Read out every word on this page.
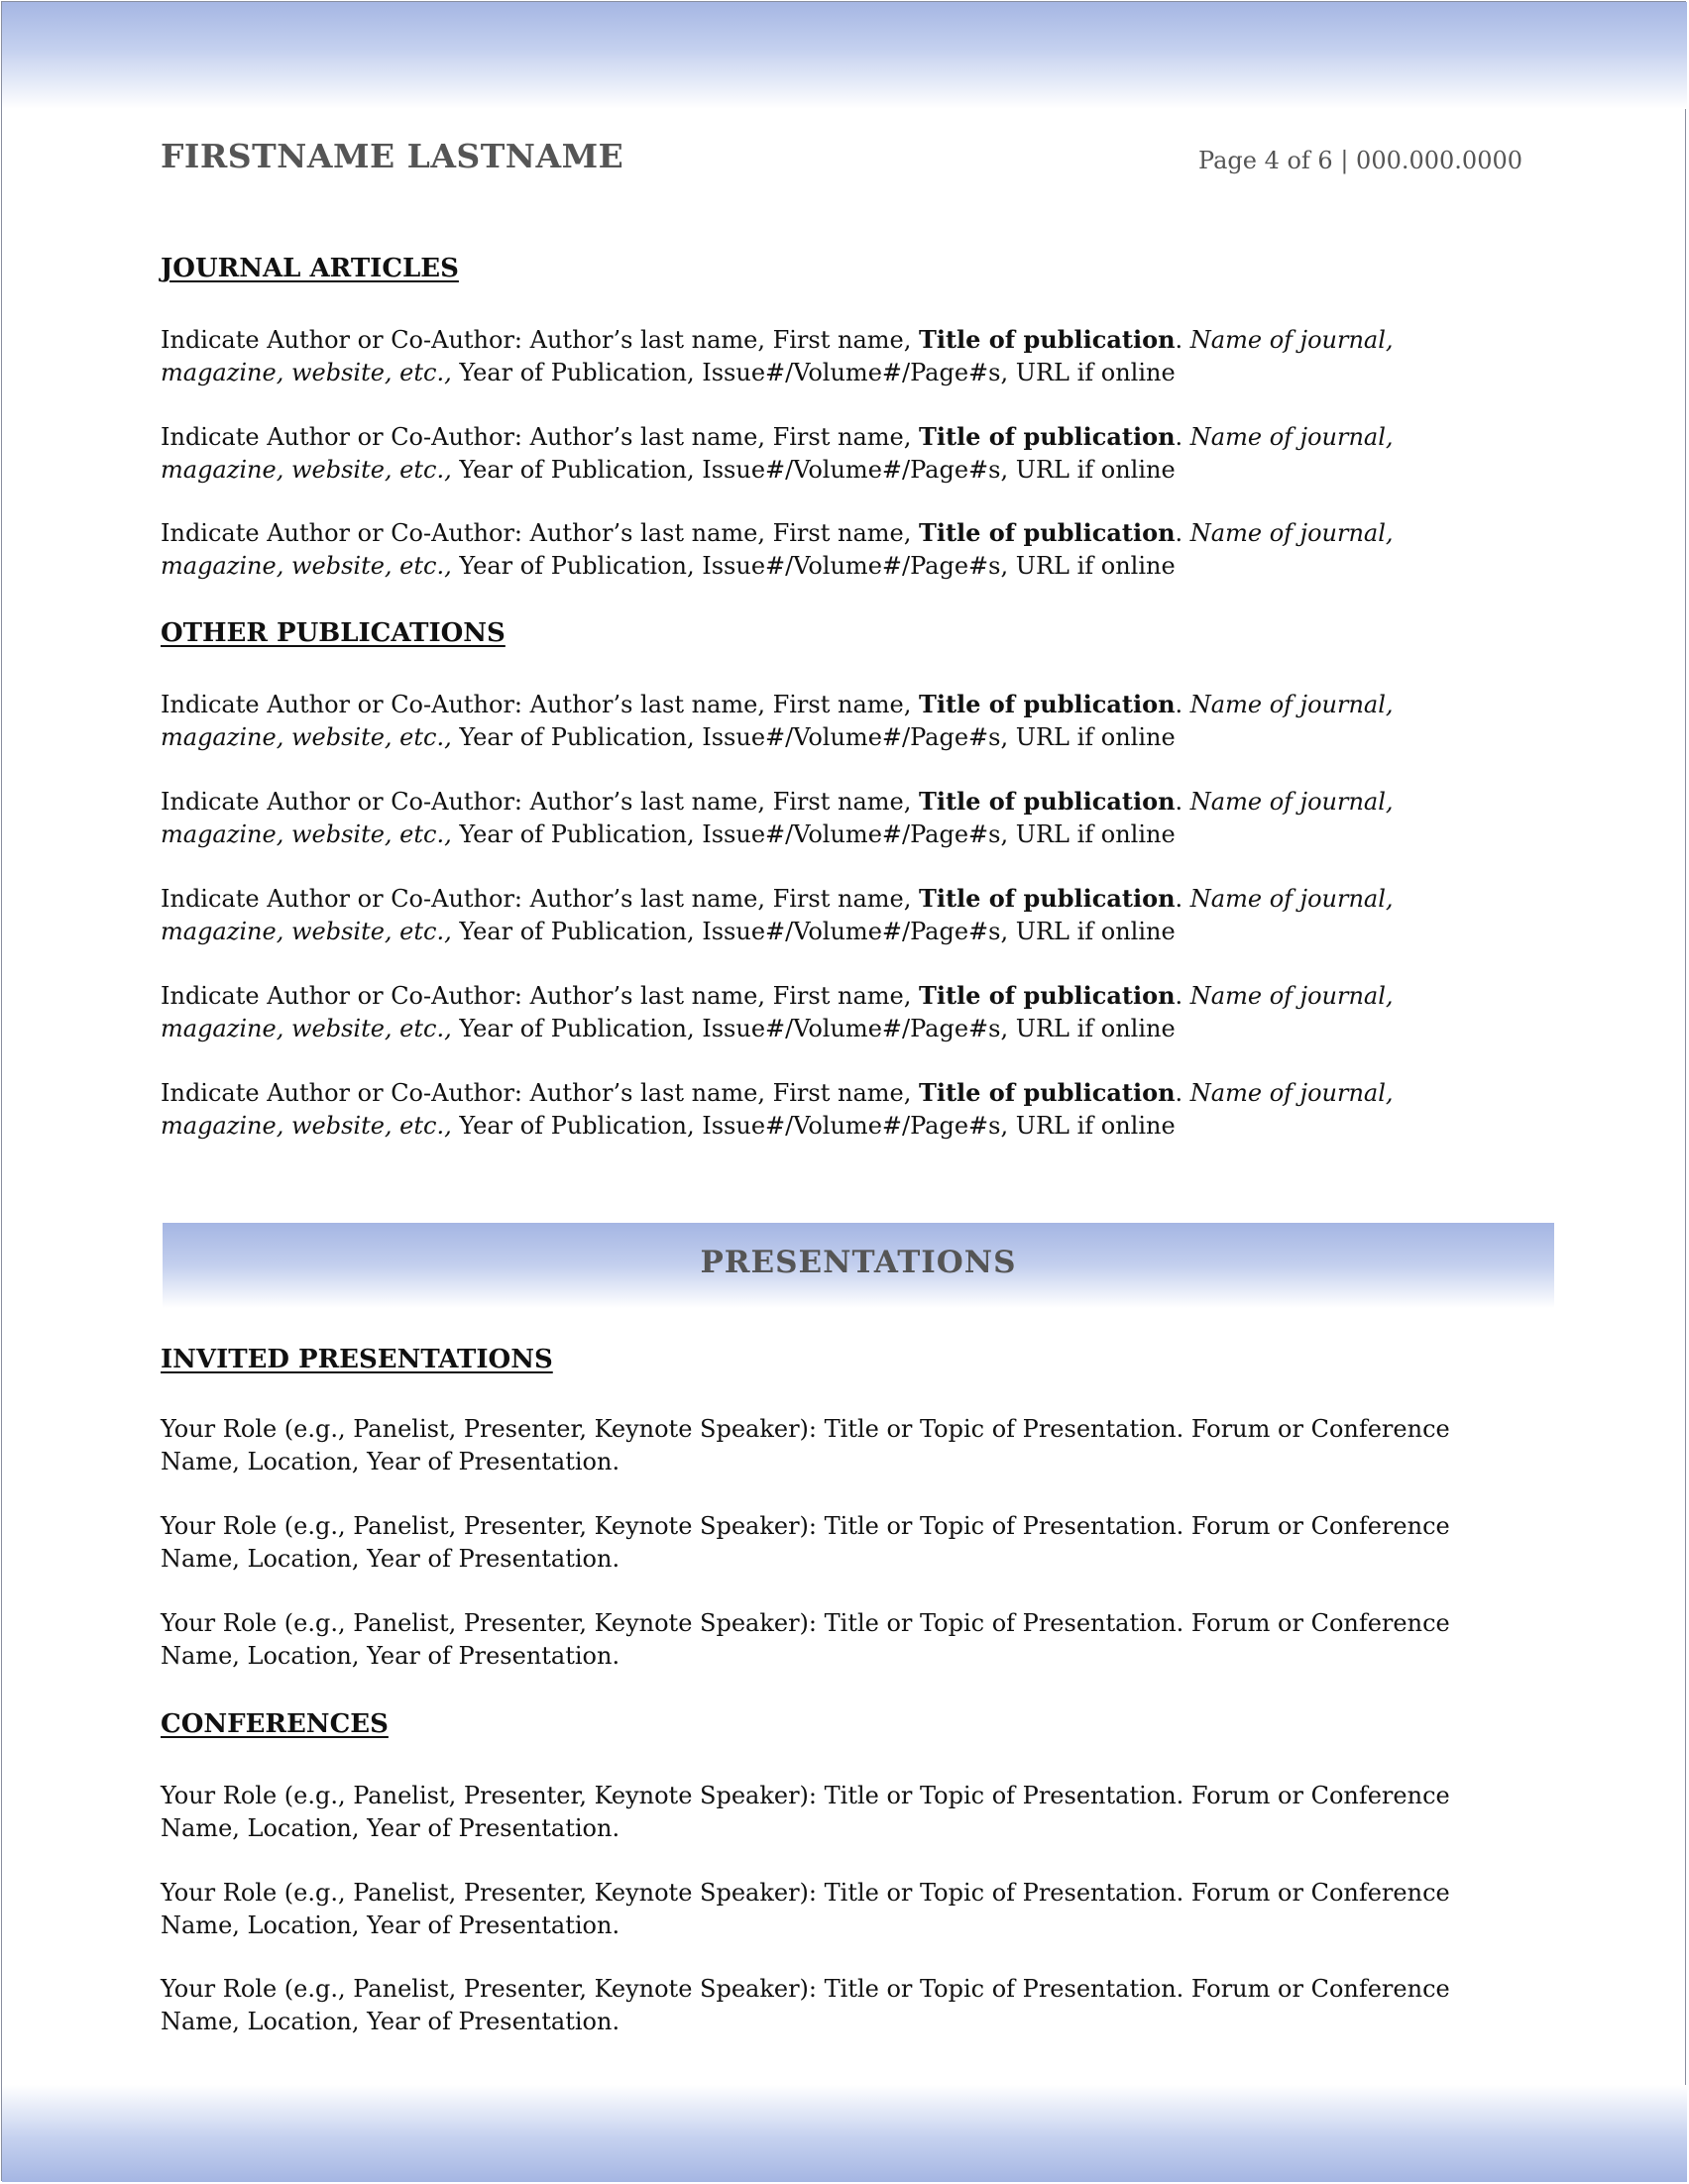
FIRSTNAME LASTNAME	Page 4 of 6 | 000.000.0000
JOURNAL ARTICLES
Indicate Author or Co-Author: Author’s last name, First name, Title of publication. Name of journal, magazine, website, etc., Year of Publication, Issue#/Volume#/Page#s, URL if online
Indicate Author or Co-Author: Author’s last name, First name, Title of publication. Name of journal, magazine, website, etc., Year of Publication, Issue#/Volume#/Page#s, URL if online
Indicate Author or Co-Author: Author’s last name, First name, Title of publication. Name of journal, magazine, website, etc., Year of Publication, Issue#/Volume#/Page#s, URL if online
OTHER PUBLICATIONS
Indicate Author or Co-Author: Author’s last name, First name, Title of publication. Name of journal, magazine, website, etc., Year of Publication, Issue#/Volume#/Page#s, URL if online
Indicate Author or Co-Author: Author’s last name, First name, Title of publication. Name of journal, magazine, website, etc., Year of Publication, Issue#/Volume#/Page#s, URL if online
Indicate Author or Co-Author: Author’s last name, First name, Title of publication. Name of journal, magazine, website, etc., Year of Publication, Issue#/Volume#/Page#s, URL if online
Indicate Author or Co-Author: Author’s last name, First name, Title of publication. Name of journal, magazine, website, etc., Year of Publication, Issue#/Volume#/Page#s, URL if online
Indicate Author or Co-Author: Author’s last name, First name, Title of publication. Name of journal, magazine, website, etc., Year of Publication, Issue#/Volume#/Page#s, URL if online
INVITED PRESENTATIONS
Your Role (e.g., Panelist, Presenter, Keynote Speaker): Title or Topic of Presentation. Forum or Conference Name, Location, Year of Presentation.
Your Role (e.g., Panelist, Presenter, Keynote Speaker): Title or Topic of Presentation. Forum or Conference Name, Location, Year of Presentation.
Your Role (e.g., Panelist, Presenter, Keynote Speaker): Title or Topic of Presentation. Forum or Conference Name, Location, Year of Presentation.
CONFERENCES
Your Role (e.g., Panelist, Presenter, Keynote Speaker): Title or Topic of Presentation. Forum or Conference Name, Location, Year of Presentation.
Your Role (e.g., Panelist, Presenter, Keynote Speaker): Title or Topic of Presentation. Forum or Conference Name, Location, Year of Presentation.
Your Role (e.g., Panelist, Presenter, Keynote Speaker): Title or Topic of Presentation. Forum or Conference Name, Location, Year of Presentation.
PRESENTATIONS
